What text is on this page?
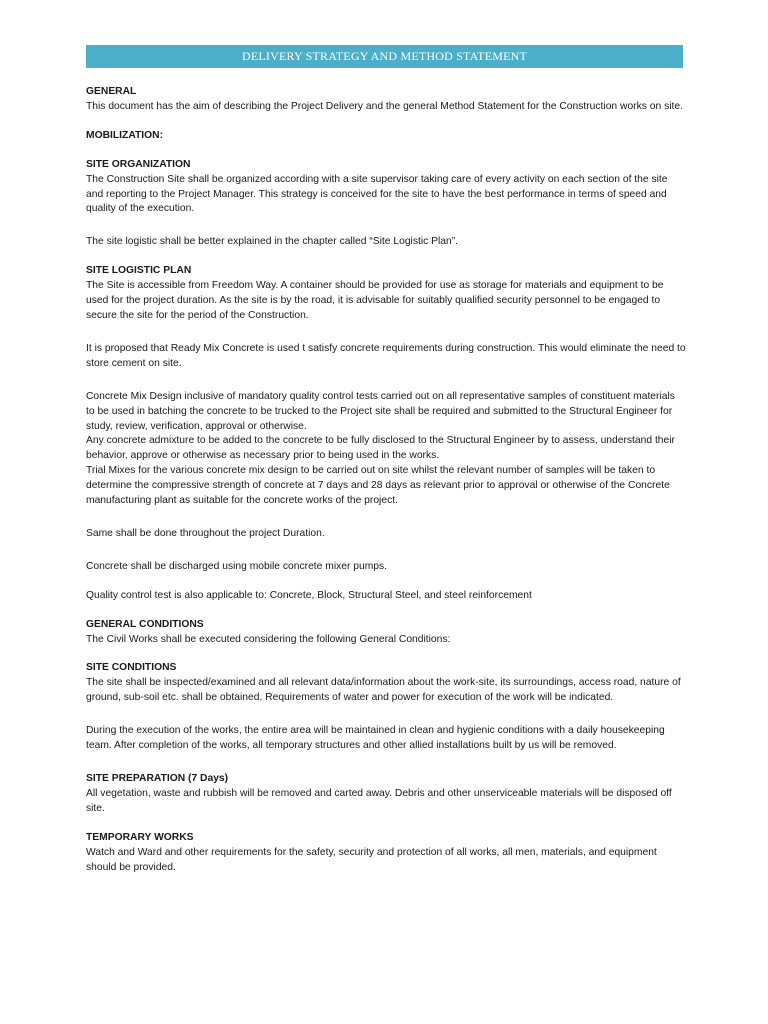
DELIVERY STRATEGY AND METHOD STATEMENT

GENERAL

This document has the aim of describing the Project Delivery and the general Method Statement for the Construction works on site.

MOBILIZATION:

SITE ORGANIZATION

The Construction Site shall be organized according with a site supervisor taking care of every activity on each section of the site and reporting to the Project Manager. This strategy is conceived for the site to have the best performance in terms of speed and quality of the execution.

The site logistic shall be better explained in the chapter called “Site Logistic Plan”.

SITE LOGISTIC PLAN

The Site is accessible from Freedom Way. A container should be provided for use as storage for materials and equipment to be used for the project duration. As the site is by the road, it is advisable for suitably qualified security personnel to be engaged to secure the site for the period of the Construction.

It is proposed that Ready Mix Concrete is used t satisfy concrete requirements during construction. This would eliminate the need to store cement on site.

Concrete Mix Design inclusive of mandatory quality control tests carried out on all representative samples of constituent materials to be used in batching the concrete to be trucked to the Project site shall be required and submitted to the Structural Engineer for study, review, verification, approval or otherwise.

Any concrete admixture to be added to the concrete to be fully disclosed to the Structural Engineer by to assess, understand their behavior, approve or otherwise as necessary prior to being used in the works.

Trial Mixes for the various concrete mix design to be carried out on site whilst the relevant number of samples will be taken to determine the compressive strength of concrete at 7 days and 28 days as relevant prior to approval or otherwise of the Concrete manufacturing plant as suitable for the concrete works of the project.

Same shall be done throughout the project Duration.

Concrete shall be discharged using mobile concrete mixer pumps.

Quality control test is also applicable to: Concrete, Block, Structural Steel, and steel reinforcement

GENERAL CONDITIONS

The Civil Works shall be executed considering the following General Conditions:

SITE CONDITIONS

The site shall be inspected/examined and all relevant data/information about the work-site, its surroundings, access road, nature of ground, sub-soil etc. shall be obtained. Requirements of water and power for execution of the work will be indicated.

During the execution of the works, the entire area will be maintained in clean and hygienic conditions with a daily housekeeping team. After completion of the works, all temporary structures and other allied installations built by us will be removed.

SITE PREPARATION (7 Days)

All vegetation, waste and rubbish will be removed and carted away. Debris and other unserviceable materials will be disposed off site.

TEMPORARY WORKS

Watch and Ward and other requirements for the safety, security and protection of all works, all men, materials, and equipment should be provided.
